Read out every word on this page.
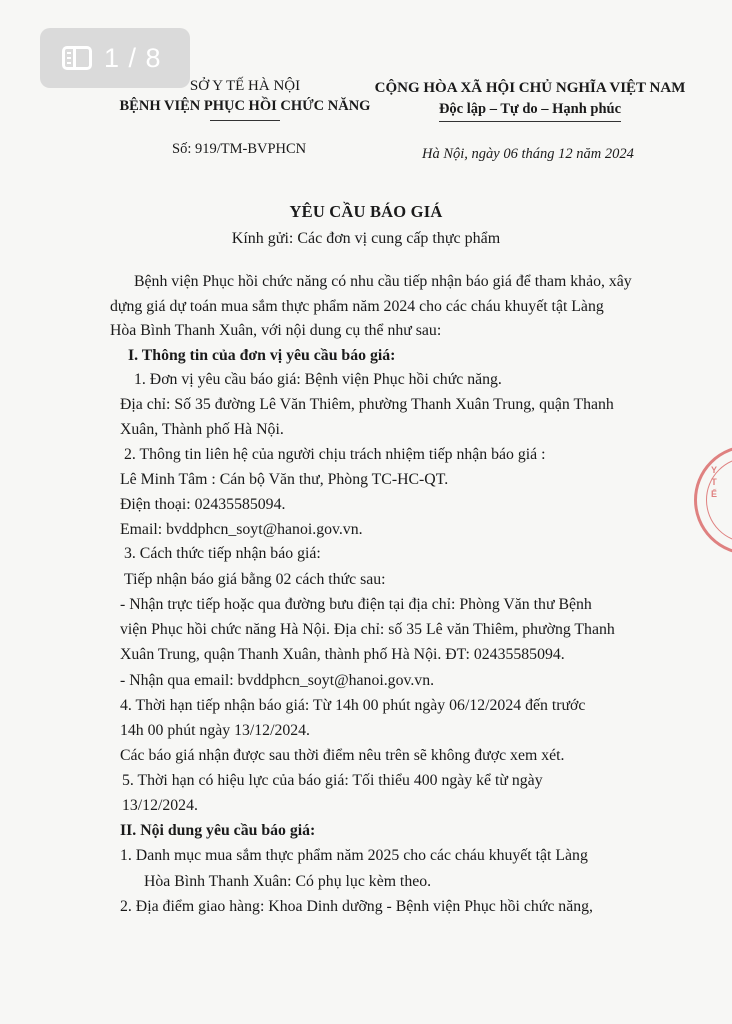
1 / 8
SỞ Y TẾ HÀ NỘI
BỆNH VIỆN PHỤC HỒI CHỨC NĂNG
CỘNG HÒA XÃ HỘI CHỦ NGHĨA VIỆT NAM
Độc lập – Tự do – Hạnh phúc
Số: 919/TM-BVPHCN	Hà Nội, ngày 06 tháng 12 năm 2024
YÊU CẦU BÁO GIÁ
Kính gửi: Các đơn vị cung cấp thực phẩm
Bệnh viện Phục hồi chức năng có nhu cầu tiếp nhận báo giá để tham khảo, xây
dựng giá dự toán mua sắm thực phẩm năm 2024 cho các cháu khuyết tật Làng
Hòa Bình Thanh Xuân, với nội dung cụ thể như sau:
I. Thông tin của đơn vị yêu cầu báo giá:
1. Đơn vị yêu cầu báo giá: Bệnh viện Phục hồi chức năng.
Địa chỉ: Số 35 đường Lê Văn Thiêm, phường Thanh Xuân Trung, quận Thanh
Xuân, Thành phố Hà Nội.
2. Thông tin liên hệ của người chịu trách nhiệm tiếp nhận báo giá :
Lê Minh Tâm : Cán bộ Văn thư, Phòng TC-HC-QT.
Điện thoại: 02435585094.
Email: bvddphcn_soyt@hanoi.gov.vn.
3. Cách thức tiếp nhận báo giá:
Tiếp nhận báo giá bằng 02 cách thức sau:
- Nhận trực tiếp hoặc qua đường bưu điện tại địa chỉ: Phòng Văn thư Bệnh
viện Phục hồi chức năng Hà Nội. Địa chỉ: số 35 Lê văn Thiêm, phường Thanh
Xuân Trung, quận Thanh Xuân, thành phố Hà Nội. ĐT: 02435585094.
- Nhận qua email: bvddphcn_soyt@hanoi.gov.vn.
4. Thời hạn tiếp nhận báo giá: Từ 14h 00 phút ngày 06/12/2024 đến trước
14h 00 phút ngày 13/12/2024.
Các báo giá nhận được sau thời điểm nêu trên sẽ không được xem xét.
5. Thời hạn có hiệu lực của báo giá: Tối thiểu 400 ngày kể từ ngày
13/12/2024.
II. Nội dung yêu cầu báo giá:
1. Danh mục mua sắm thực phẩm năm 2025 cho các cháu khuyết tật Làng
Hòa Bình Thanh Xuân: Có phụ lục kèm theo.
2. Địa điểm giao hàng: Khoa Dinh dưỡng - Bệnh viện Phục hồi chức năng,
Y
T
Ế
